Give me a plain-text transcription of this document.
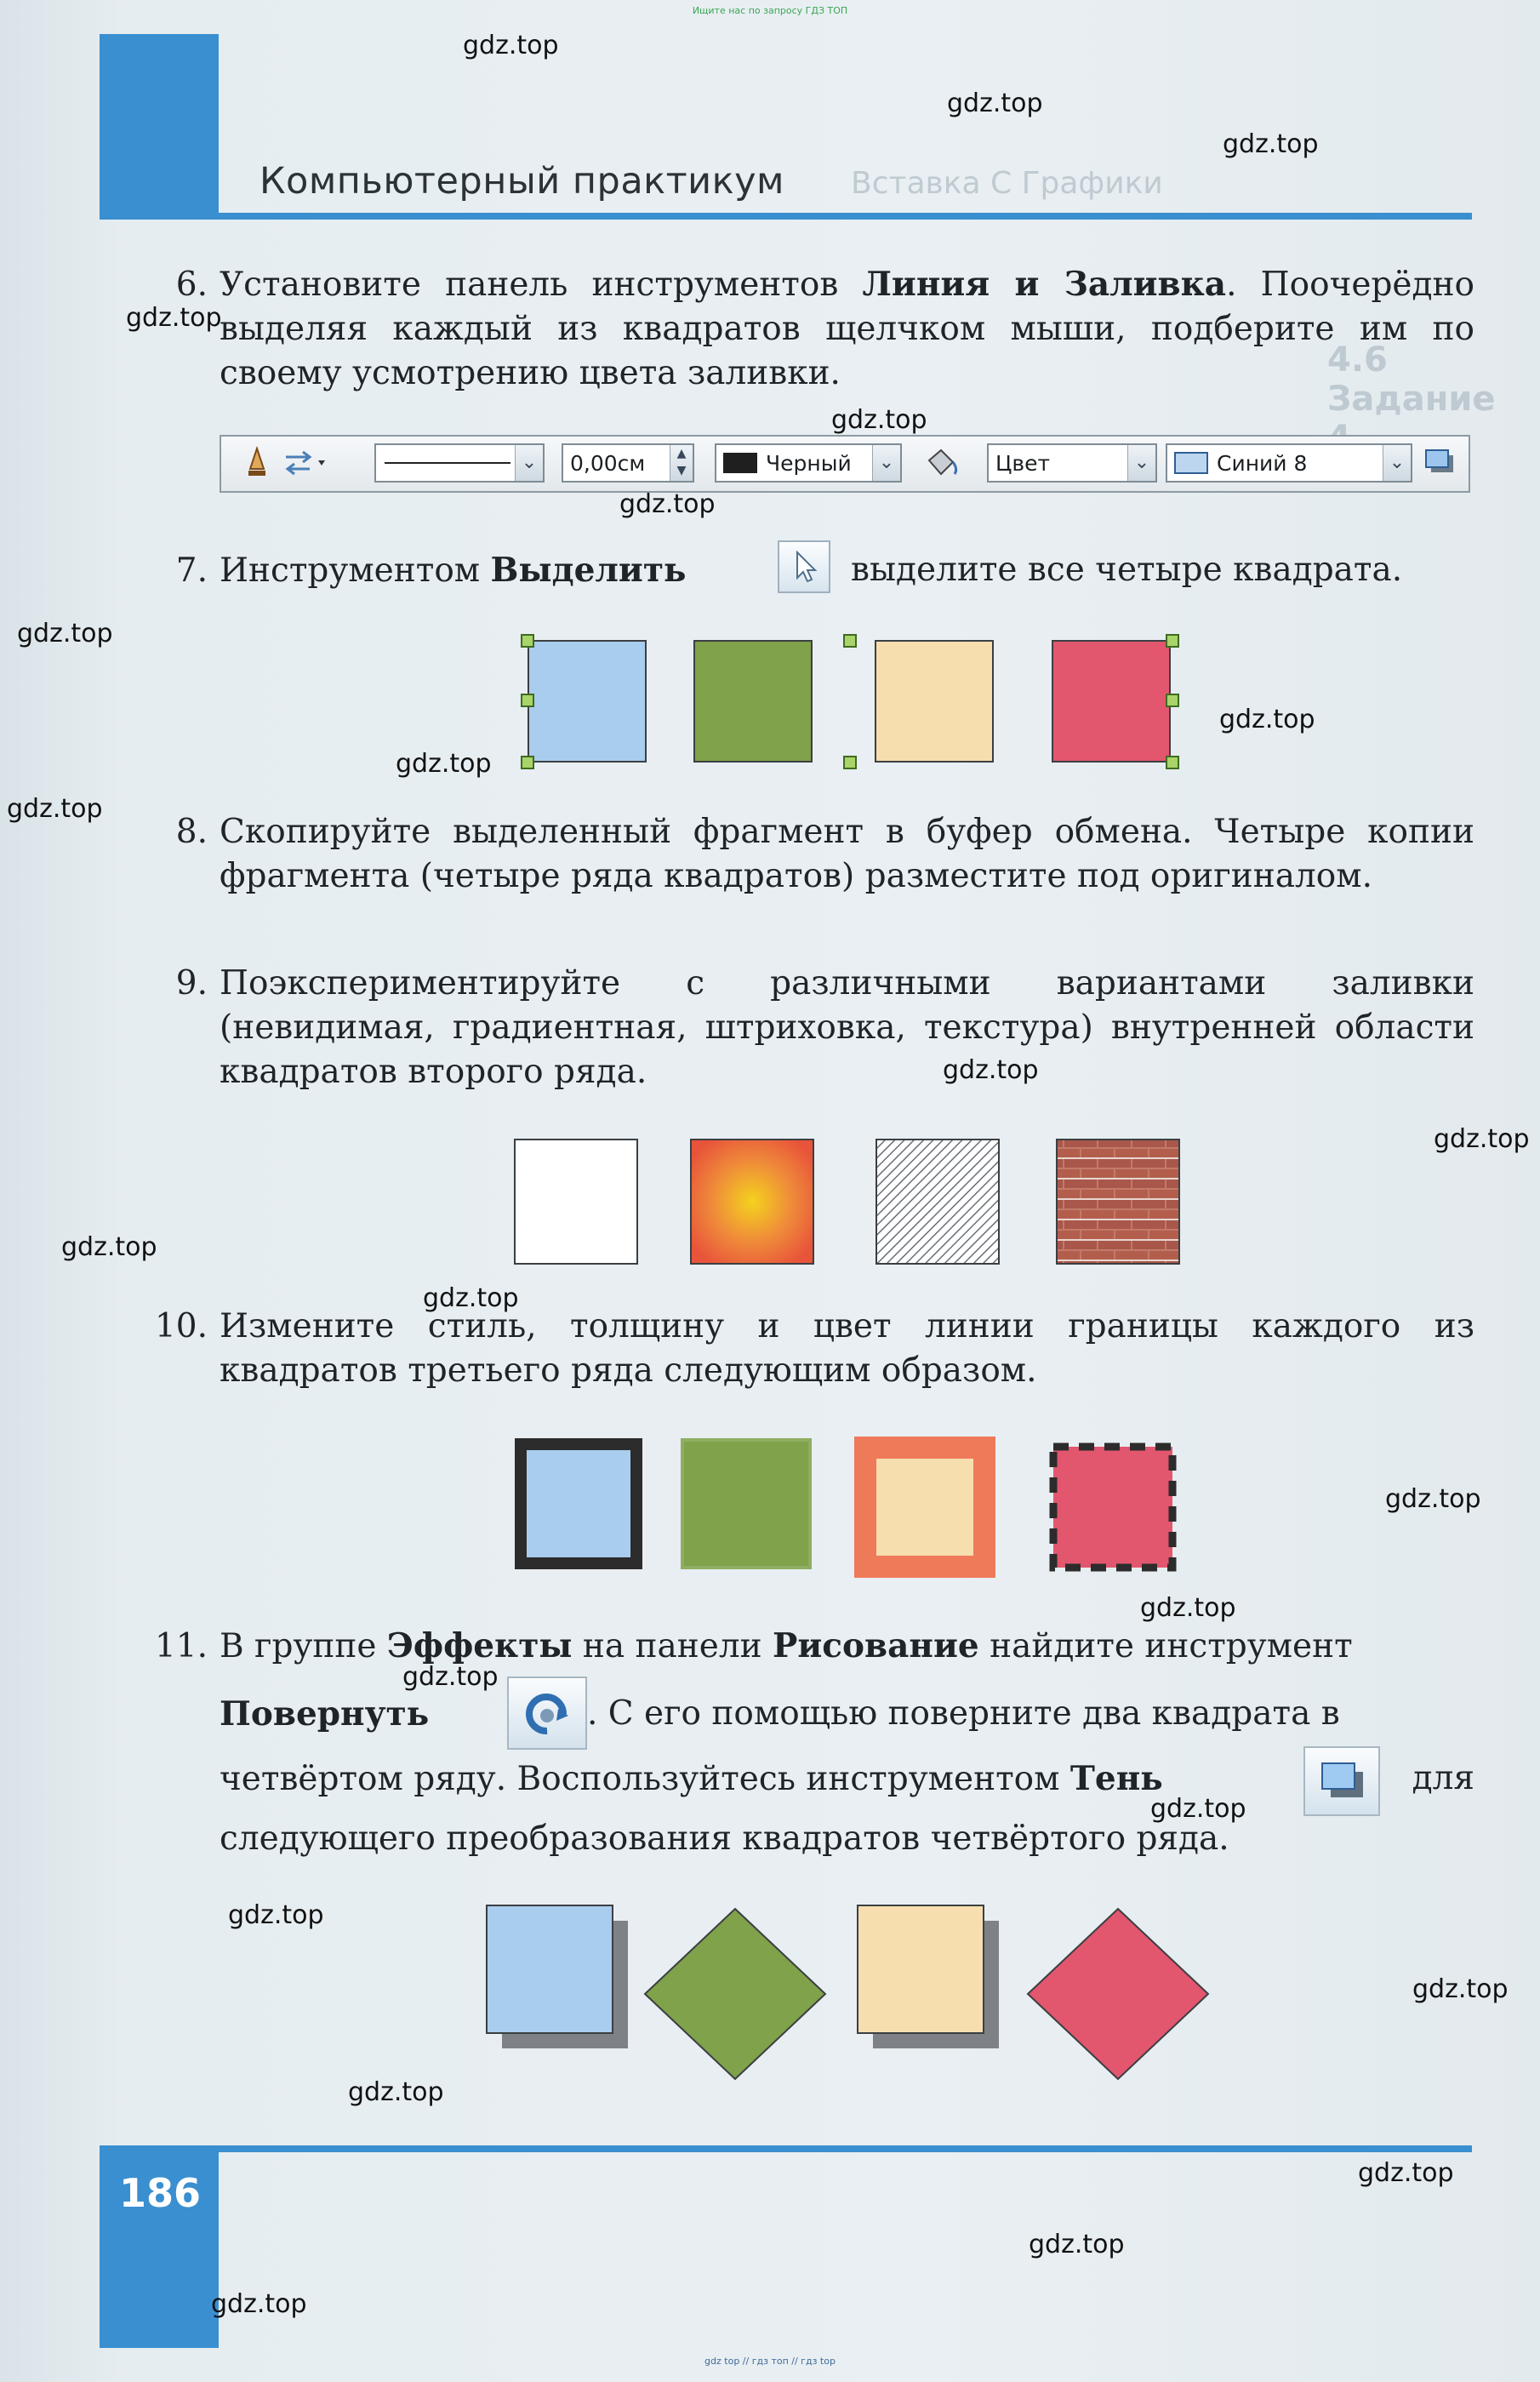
Ищите нас по запросу ГДЗ ТОП
Вставка С Графики
Компьютерный практикум
4.6 Задание
6. Установите панель инструментов Линия и Заливка. Поочерёдно выделяя каждый из квадратов щелчком мыши, подберите им по своему усмотрению цвета заливки.
⌄ 0,00см	▲
▼	Черный	⌄	Цвет	⌄	Синий 8	⌄
7. Инструментом Выделить	выделите все четыре квадрата.
8. Скопируйте выделенный фрагмент в буфер обмена. Четыре копии фрагмента (четыре ряда квадратов) разместите под оригиналом.
9. Поэкспериментируйте с различными вариантами заливки (невидимая, градиентная, штриховка, текстура) внутренней области квадратов второго ряда.
10. Измените стиль, толщину и цвет линии границы каждого из квадратов третьего ряда следующим образом.
11. В группе Эффекты на панели Рисование найдите инструмент
Повернуть	. С его помощью поверните два квадрата в
четвёртом ряду. Воспользуйтесь инструментом Тень	для
следующего преобразования квадратов четвёртого ряда.
186
gdz.top
gdz.top
gdz.top
gdz.top
gdz.top
gdz.top
gdz.top
gdz.top
gdz.top
gdz.top
gdz.top
gdz.top
gdz.top
gdz.top
gdz.top
gdz.top
gdz.top
gdz.top
gdz.top
gdz.top
gdz.top
gdz.top
gdz.top
gdz.top
gdz top // гдз топ // гдз top
